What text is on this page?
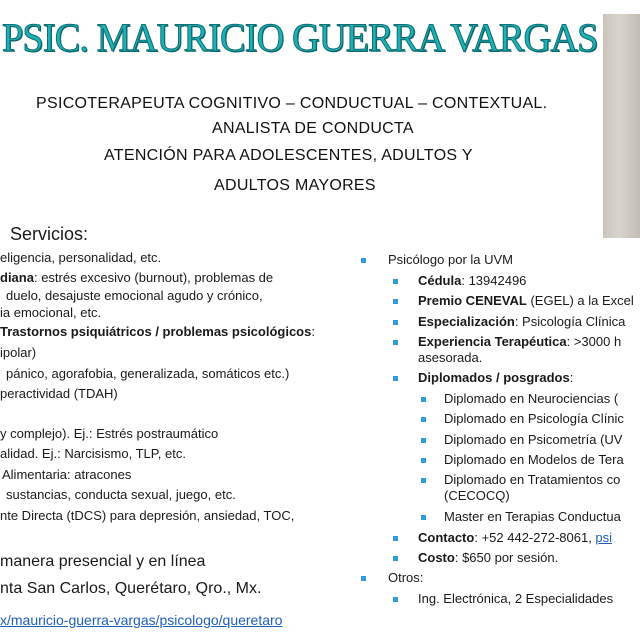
PSIC. MAURICIO GUERRA VARGAS
PSICOTERAPEUTA COGNITIVO – CONDUCTUAL – CONTEXTUAL.
ANALISTA DE CONDUCTA
ATENCIÓN PARA ADOLESCENTES, ADULTOS Y
ADULTOS MAYORES
Servicios:
eligencia, personalidad, etc.
diana: estrés excesivo (burnout), problemas de
duelo, desajuste emocional agudo y crónico,
ia emocional, etc.
Trastornos psiquiátricos / problemas psicológicos:
ipolar)
pánico, agorafobia, generalizada, somáticos etc.)
peractividad (TDAH)
y complejo). Ej.: Estrés postraumático
alidad. Ej.: Narcisismo, TLP, etc.
Alimentaria: atracones
sustancias, conducta sexual, juego, etc.
nte Directa (tDCS) para depresión, ansiedad, TOC,
manera presencial y en línea
nta San Carlos, Querétaro, Qro., Mx.
x/mauricio-guerra-vargas/psicologo/queretaro
Psicólogo por la UVM
Cédula: 13942496
Premio CENEVAL (EGEL) a la Excel
Especialización: Psicología Clínica
Experiencia Terapéutica: >3000 h
asesorada.
Diplomados / posgrados:
Diplomado en Neurociencias (
Diplomado en Psicología Clínic
Diplomado en Psicometría (UV
Diplomado en Modelos de Tera
Diplomado en Tratamientos co
(CECOCQ)
Master en Terapias Conductua
Contacto: +52 442-272-8061, psi
Costo: $650 por sesión.
Otros:
Ing. Electrónica, 2 Especialidades
